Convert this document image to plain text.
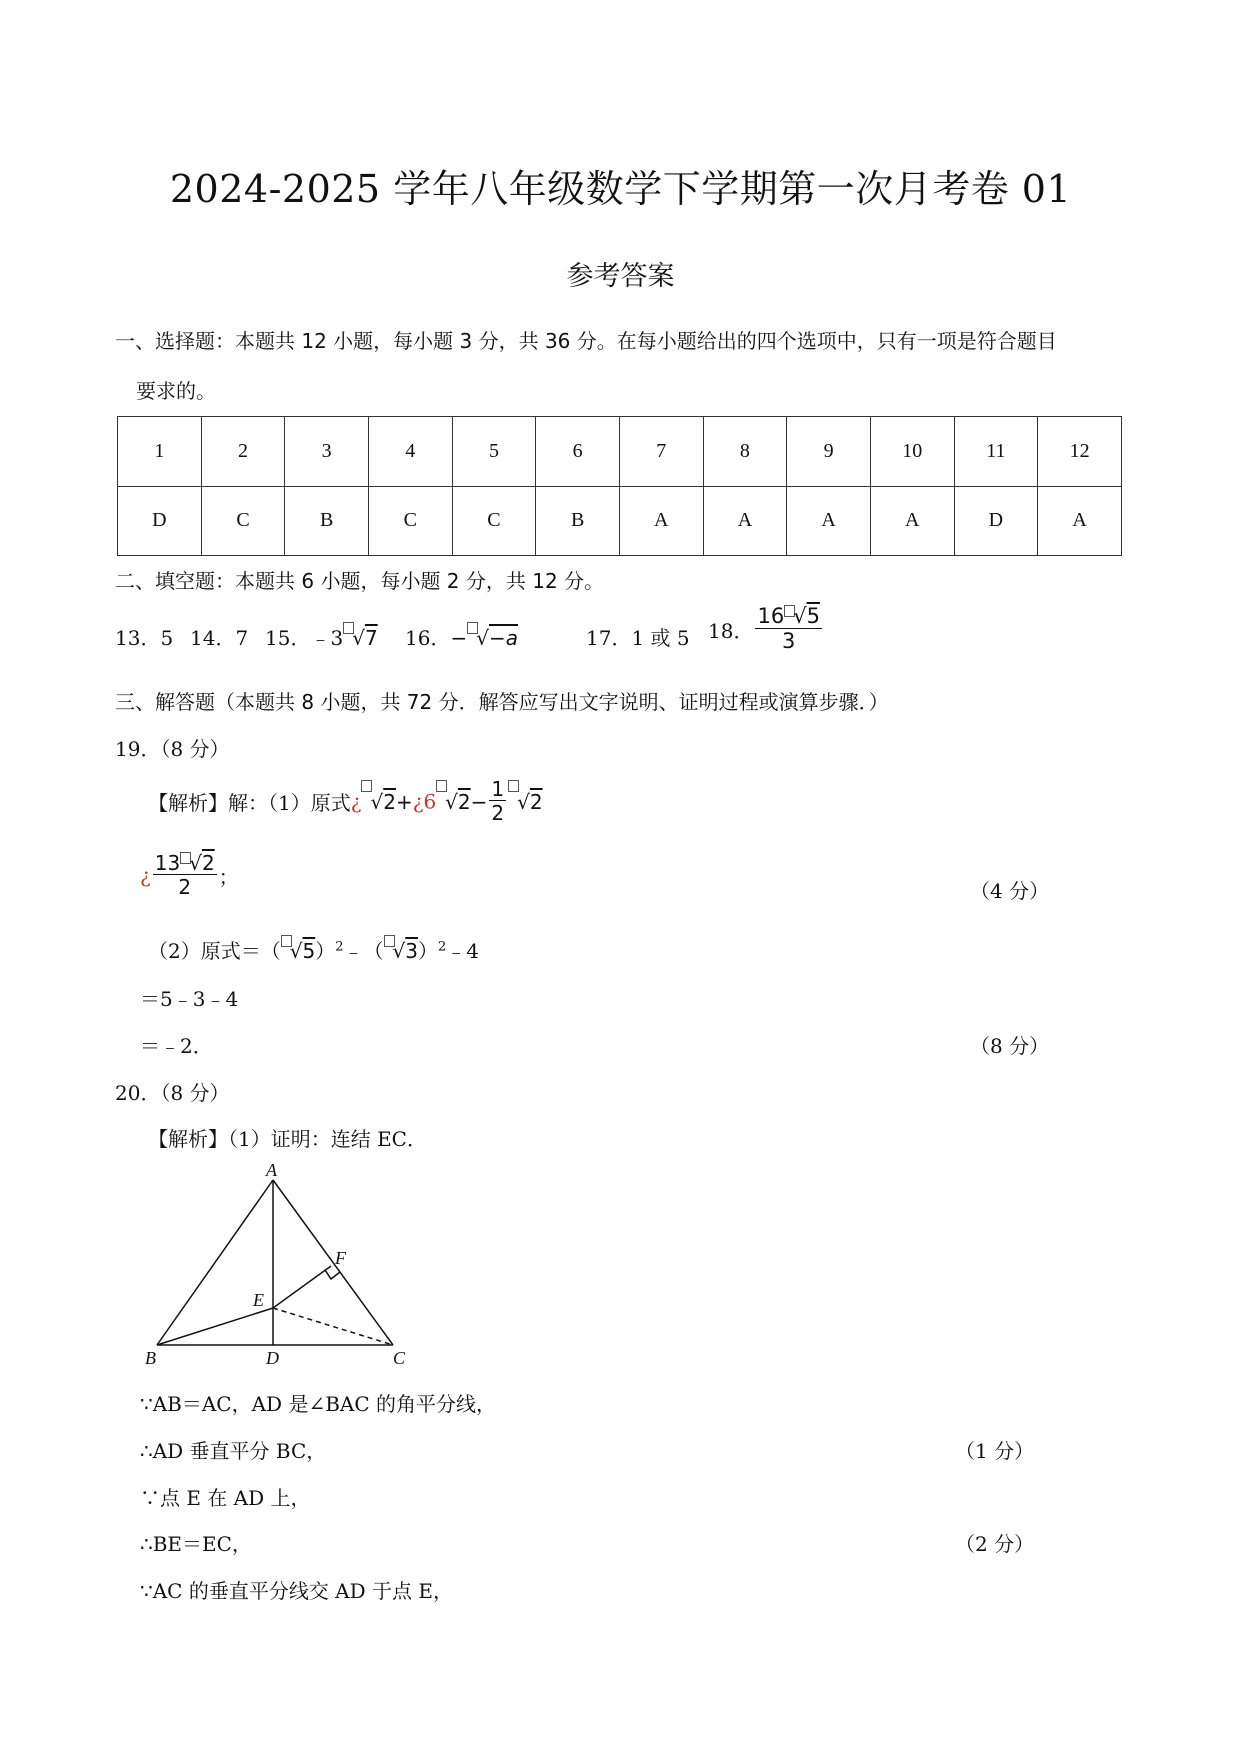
2024-2025 学年八年级数学下学期第一次月考卷 01
参考答案
一、选择题：本题共 12 小题，每小题 3 分，共 36 分。在每小题给出的四个选项中，只有一项是符合题目
要求的。
1	2	3	4	5	6	7	8	9	10	11	12
D	C	B	C	C	B	A	A	A	A	D	A
二、填空题：本题共 6 小题，每小题 2 分，共 12 分。
13．5 14．7 15．﹣3 √7 16．− √−a	17．1 或 5 18． $\frac{16 √5}{3}$
三、解答题（本题共 8 小题，共 72 分．解答应写出文字说明、证明过程或演算步骤．）
19．（8 分）
【解析】解：（1）原式¿ √2+¿6 $√2- \frac{1}{2} √2$
¿ $\frac{13 √2}{2}$ ；
（4 分）
（2）原式＝（ √5）$^2$﹣（ √3）$^2$﹣4
＝5﹣3﹣4
＝﹣2．	（8 分）
20．（8 分）
【解析】（1）证明：连结 EC．
A
F
E
B	D	C
∵AB＝AC，AD 是∠BAC 的角平分线，
∴AD 垂直平分 BC，	（1 分）
∵点 E 在 AD 上，
∴BE＝EC，	（2 分）
∵AC 的垂直平分线交 AD 于点 E，
